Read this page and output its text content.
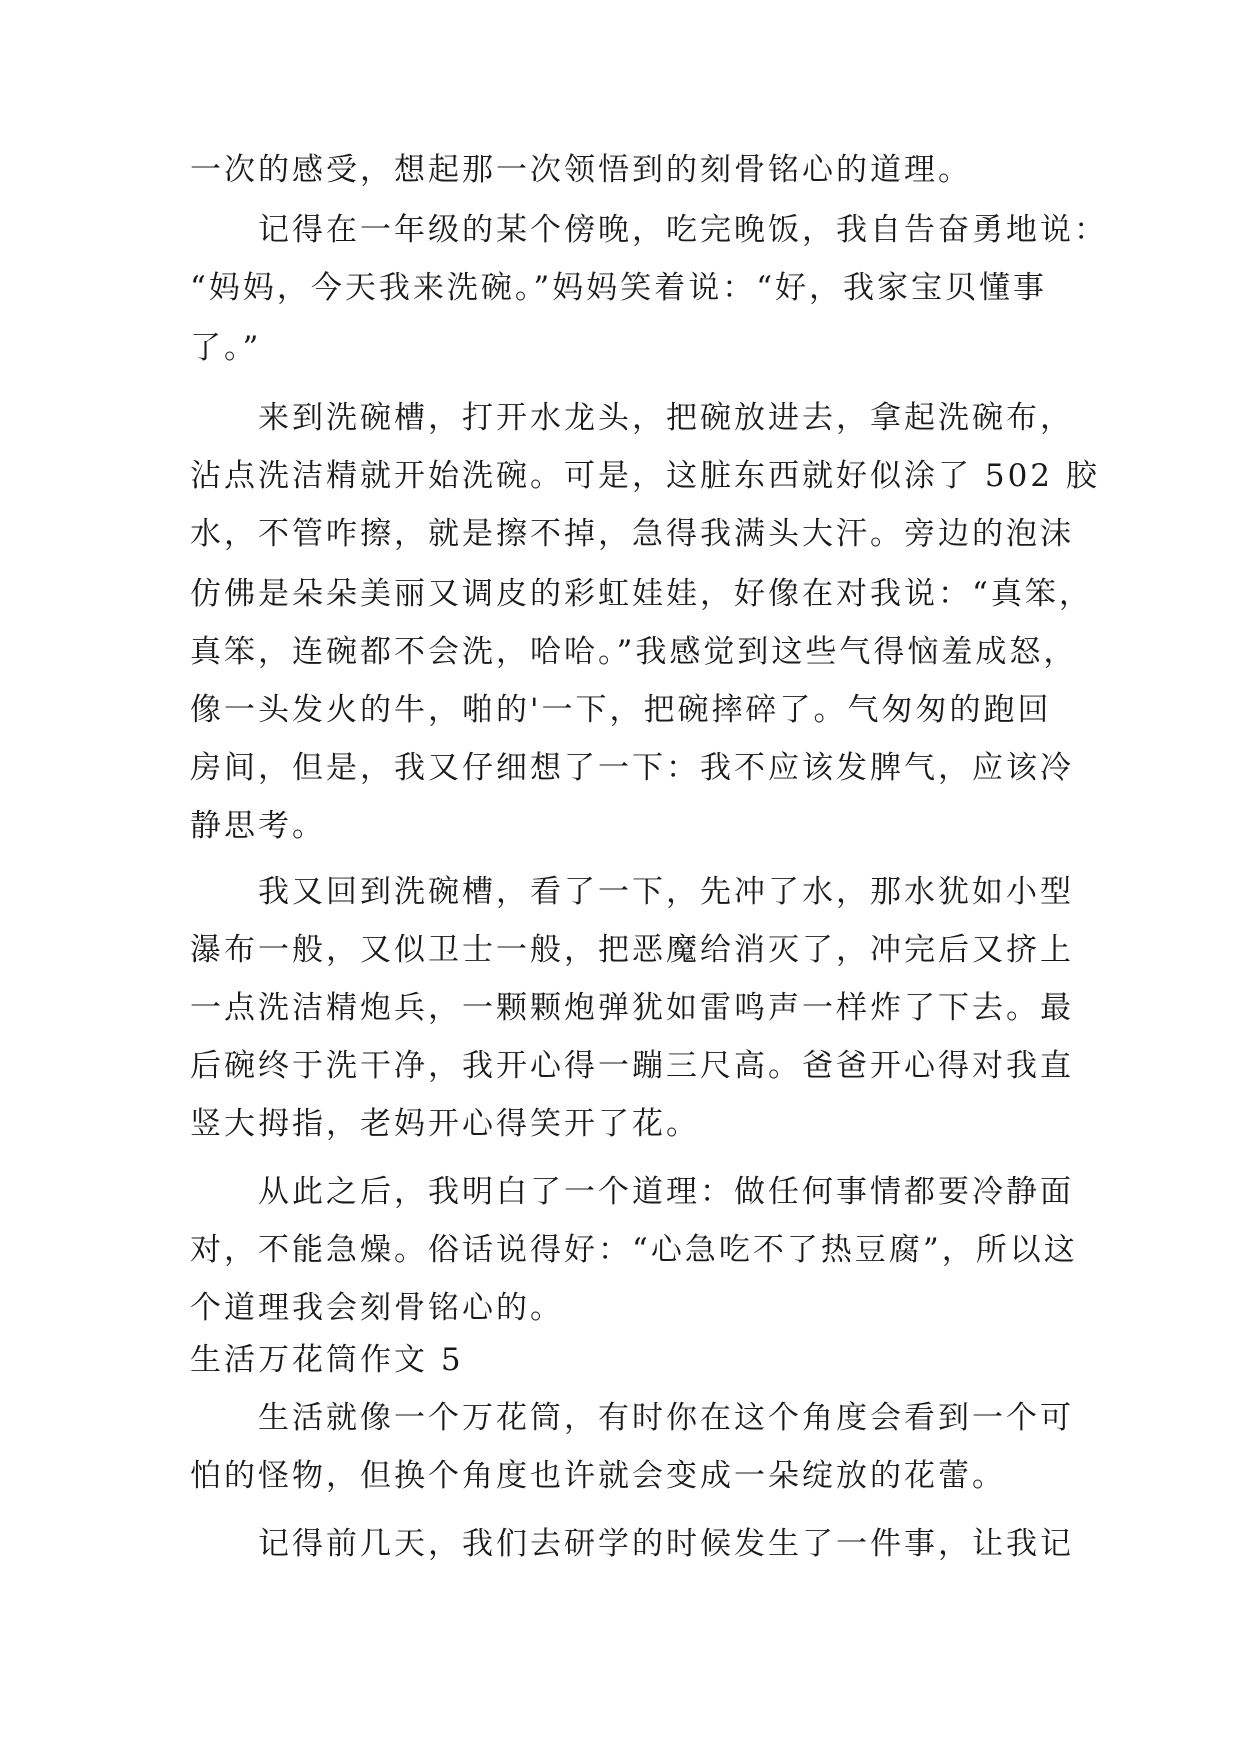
一次的感受，想起那一次领悟到的刻骨铭心的道理。
　　记得在一年级的某个傍晚，吃完晚饭，我自告奋勇地说：
“妈妈，今天我来洗碗。”妈妈笑着说：“好，我家宝贝懂事
了。”
　　来到洗碗槽，打开水龙头，把碗放进去，拿起洗碗布，
沾点洗洁精就开始洗碗。可是，这脏东西就好似涂了 502 胶
水，不管咋擦，就是擦不掉，急得我满头大汗。旁边的泡沫
仿佛是朵朵美丽又调皮的彩虹娃娃，好像在对我说：“真笨，
真笨，连碗都不会洗，哈哈。”我感觉到这些气得恼羞成怒，
像一头发火的牛，啪的'一下，把碗摔碎了。气匆匆的跑回
房间，但是，我又仔细想了一下：我不应该发脾气，应该冷
静思考。
　　我又回到洗碗槽，看了一下，先冲了水，那水犹如小型
瀑布一般，又似卫士一般，把恶魔给消灭了，冲完后又挤上
一点洗洁精炮兵，一颗颗炮弹犹如雷鸣声一样炸了下去。最
后碗终于洗干净，我开心得一蹦三尺高。爸爸开心得对我直
竖大拇指，老妈开心得笑开了花。
　　从此之后，我明白了一个道理：做任何事情都要冷静面
对，不能急燥。俗话说得好：“心急吃不了热豆腐”，所以这
个道理我会刻骨铭心的。
生活万花筒作文 5
　　生活就像一个万花筒，有时你在这个角度会看到一个可
怕的怪物，但换个角度也许就会变成一朵绽放的花蕾。
　　记得前几天，我们去研学的时候发生了一件事，让我记
